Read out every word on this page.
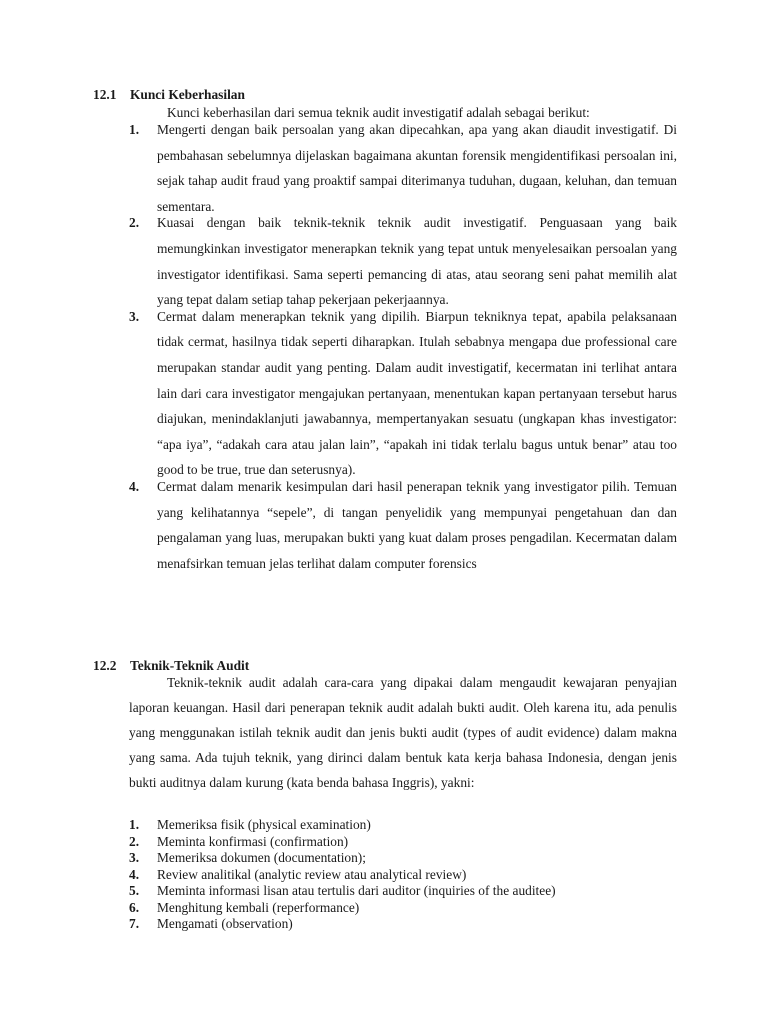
12.1 Kunci Keberhasilan
Kunci keberhasilan dari semua teknik audit investigatif adalah sebagai berikut:
1. Mengerti dengan baik persoalan yang akan dipecahkan, apa yang akan diaudit investigatif. Di pembahasan sebelumnya dijelaskan bagaimana akuntan forensik mengidentifikasi persoalan ini, sejak tahap audit fraud yang proaktif sampai diterimanya tuduhan, dugaan, keluhan, dan temuan sementara.
2. Kuasai dengan baik teknik-teknik teknik audit investigatif. Penguasaan yang baik memungkinkan investigator menerapkan teknik yang tepat untuk menyelesaikan persoalan yang investigator identifikasi. Sama seperti pemancing di atas, atau seorang seni pahat memilih alat yang tepat dalam setiap tahap pekerjaan pekerjaannya.
3. Cermat dalam menerapkan teknik yang dipilih. Biarpun tekniknya tepat, apabila pelaksanaan tidak cermat, hasilnya tidak seperti diharapkan. Itulah sebabnya mengapa due professional care merupakan standar audit yang penting. Dalam audit investigatif, kecermatan ini terlihat antara lain dari cara investigator mengajukan pertanyaan, menentukan kapan pertanyaan tersebut harus diajukan, menindaklanjuti jawabannya, mempertanyakan sesuatu (ungkapan khas investigator: “apa iya”, “adakah cara atau jalan lain”, “apakah ini tidak terlalu bagus untuk benar” atau too good to be true, true dan seterusnya).
4. Cermat dalam menarik kesimpulan dari hasil penerapan teknik yang investigator pilih. Temuan yang kelihatannya “sepele”, di tangan penyelidik yang mempunyai pengetahuan dan dan pengalaman yang luas, merupakan bukti yang kuat dalam proses pengadilan. Kecermatan dalam menafsirkan temuan jelas terlihat dalam computer forensics
12.2 Teknik-Teknik Audit
Teknik-teknik audit adalah cara-cara yang dipakai dalam mengaudit kewajaran penyajian laporan keuangan. Hasil dari penerapan teknik audit adalah bukti audit. Oleh karena itu, ada penulis yang menggunakan istilah teknik audit dan jenis bukti audit (types of audit evidence) dalam makna yang sama. Ada tujuh teknik, yang dirinci dalam bentuk kata kerja bahasa Indonesia, dengan jenis bukti auditnya dalam kurung (kata benda bahasa Inggris), yakni:
1. Memeriksa fisik (physical examination)
2. Meminta konfirmasi (confirmation)
3. Memeriksa dokumen (documentation);
4. Review analitikal (analytic review atau analytical review)
5. Meminta informasi lisan atau tertulis dari auditor (inquiries of the auditee)
6. Menghitung kembali (reperformance)
7. Mengamati (observation)
